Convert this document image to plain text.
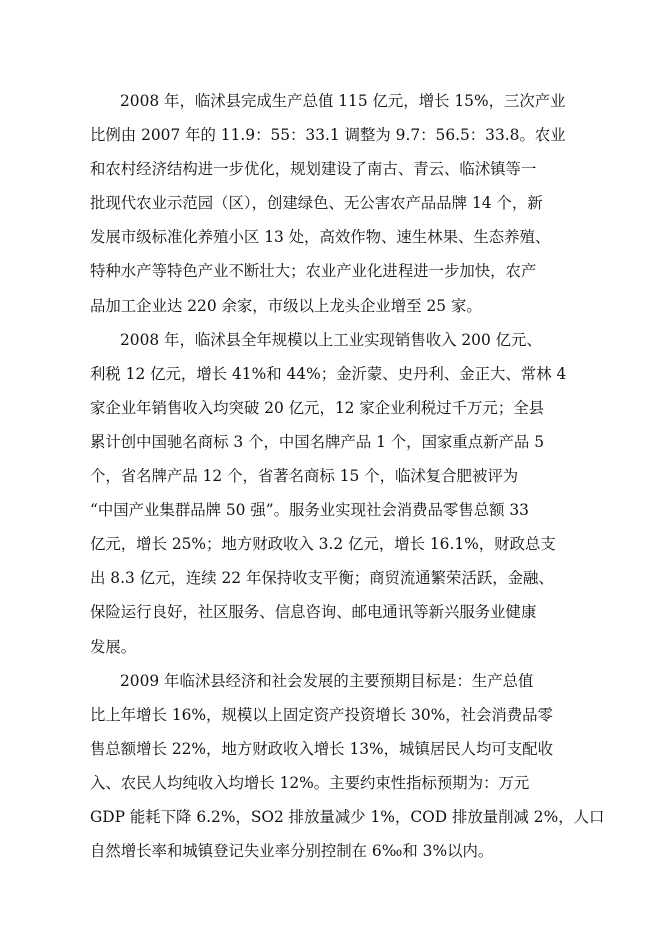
2008 年，临沭县完成生产总值 115 亿元，增长 15%，三次产业
比例由 2007 年的 11.9：55：33.1 调整为 9.7：56.5：33.8。农业
和农村经济结构进一步优化，规划建设了南古、青云、临沭镇等一
批现代农业示范园（区），创建绿色、无公害农产品品牌 14 个，新
发展市级标准化养殖小区 13 处，高效作物、速生林果、生态养殖、
特种水产等特色产业不断壮大；农业产业化进程进一步加快，农产
品加工企业达 220 余家，市级以上龙头企业增至 25 家。
2008 年，临沭县全年规模以上工业实现销售收入 200 亿元、
利税 12 亿元，增长 41%和 44%；金沂蒙、史丹利、金正大、常林 4
家企业年销售收入均突破 20 亿元，12 家企业利税过千万元；全县
累计创中国驰名商标 3 个，中国名牌产品 1 个，国家重点新产品 5
个，省名牌产品 12 个，省著名商标 15 个，临沭复合肥被评为
“中国产业集群品牌 50 强”。服务业实现社会消费品零售总额 33
亿元，增长 25%；地方财政收入 3.2 亿元，增长 16.1%，财政总支
出 8.3 亿元，连续 22 年保持收支平衡；商贸流通繁荣活跃，金融、
保险运行良好，社区服务、信息咨询、邮电通讯等新兴服务业健康
发展。
2009 年临沭县经济和社会发展的主要预期目标是：生产总值
比上年增长 16%，规模以上固定资产投资增长 30%，社会消费品零
售总额增长 22%，地方财政收入增长 13%，城镇居民人均可支配收
入、农民人均纯收入均增长 12%。主要约束性指标预期为：万元
GDP 能耗下降 6.2%，SO2 排放量减少 1%，COD 排放量削减 2%，人口
自然增长率和城镇登记失业率分别控制在 6‰和 3%以内。
